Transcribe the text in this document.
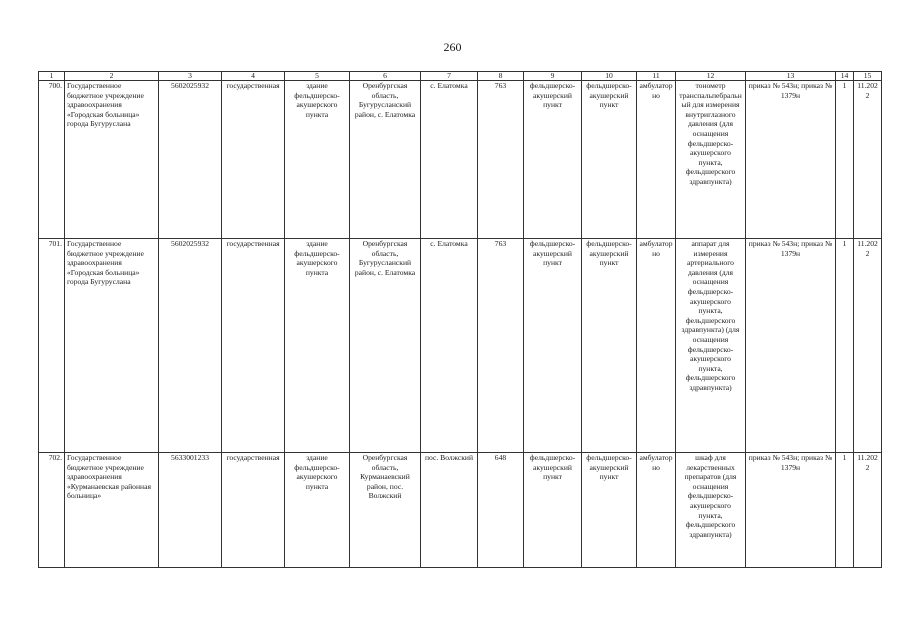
260
1	2	3	4	5	6	7	8	9	10	11	12	13	14	15
700.	Государственное бюджетное учреждение здравоохранения «Городская больница» города Бугуруслана	5602025932	государственная	здание фельдшерско-акушерского пункта	Оренбургская область, Бугурусланский район, с. Елатомка	с. Елатомка	763	фельдшерско-акушерский пункт	фельдшерско-акушерский пункт	амбулаторно	тонометр транспальпебральный для измерения внутриглазного давления (для оснащения фельдшерско-акушерского пункта, фельдшерского здравпункта)	приказ № 543н; приказ № 1379н	1	11.2022
701.	Государственное бюджетное учреждение здравоохранения «Городская больница» города Бугуруслана	5602025932	государственная	здание фельдшерско-акушерского пункта	Оренбургская область, Бугурусланский район, с. Елатомка	с. Елатомка	763	фельдшерско-акушерский пункт	фельдшерско-акушерский пункт	амбулаторно	аппарат для измерения артериального давления (для оснащения фельдшерско-акушерского пункта, фельдшерского здравпункта) (для оснащения фельдшерско-акушерского пункта, фельдшерского здравпункта)	приказ № 543н; приказ № 1379н	1	11.2022
702.	Государственное бюджетное учреждение здравоохранения «Курманаевская районная больница»	5633001233	государственная	здание фельдшерско-акушерского пункта	Оренбургская область, Курманаевский район, пос. Волжский	пос. Волжский	648	фельдшерско-акушерский пункт	фельдшерско-акушерский пункт	амбулаторно	шкаф для лекарственных препаратов (для оснащения фельдшерско-акушерского пункта, фельдшерского здравпункта)	приказ № 543н; приказ № 1379н	1	11.2022
